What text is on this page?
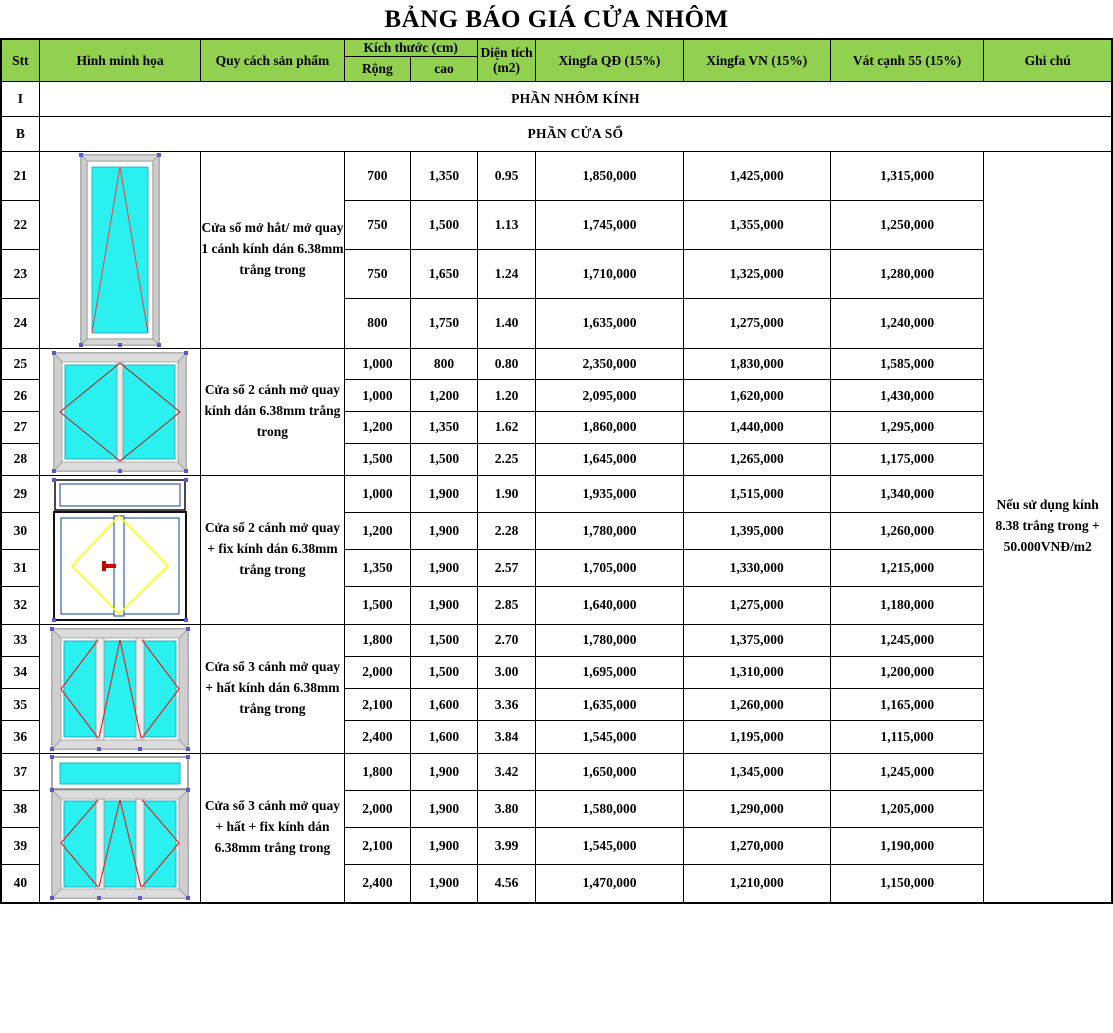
BẢNG BÁO GIÁ CỬA NHÔM
Stt	Hình minh họa	Quy cách sản phẩm	Kích thước (cm)		Diện tích (m2)	Xingfa QĐ (15%)	Xingfa VN (15%)	Vát cạnh 55 (15%)	Ghi chú
			Rộng	cao					
I	PHẦN NHÔM KÍNH								
B	PHẦN CỬA SỔ								
21		Cửa sổ mở hắt/ mở quay 1 cánh kính dán 6.38mm trắng trong	700	1,350	0.95	1,850,000	1,425,000	1,315,000	Nếu sử dụng kính 8.38 trắng trong + 50.000VNĐ/m2
22			750	1,500	1.13	1,745,000	1,355,000	1,250,000	
23			750	1,650	1.24	1,710,000	1,325,000	1,280,000	
24			800	1,750	1.40	1,635,000	1,275,000	1,240,000	
25		Cửa sổ 2 cánh mở quay kính dán 6.38mm trắng trong	1,000	800	0.80	2,350,000	1,830,000	1,585,000	
26			1,000	1,200	1.20	2,095,000	1,620,000	1,430,000	
27			1,200	1,350	1.62	1,860,000	1,440,000	1,295,000	
28			1,500	1,500	2.25	1,645,000	1,265,000	1,175,000	
29		Cửa sổ 2 cánh mở quay + fix kính dán 6.38mm trắng trong	1,000	1,900	1.90	1,935,000	1,515,000	1,340,000	
30			1,200	1,900	2.28	1,780,000	1,395,000	1,260,000	
31			1,350	1,900	2.57	1,705,000	1,330,000	1,215,000	
32			1,500	1,900	2.85	1,640,000	1,275,000	1,180,000	
33		Cửa sổ 3 cánh mở quay + hất kính dán 6.38mm trắng trong	1,800	1,500	2.70	1,780,000	1,375,000	1,245,000	
34			2,000	1,500	3.00	1,695,000	1,310,000	1,200,000	
35			2,100	1,600	3.36	1,635,000	1,260,000	1,165,000	
36			2,400	1,600	3.84	1,545,000	1,195,000	1,115,000	
37		Cửa sổ 3 cánh mở quay + hất + fix kính dán 6.38mm trắng trong	1,800	1,900	3.42	1,650,000	1,345,000	1,245,000	
38			2,000	1,900	3.80	1,580,000	1,290,000	1,205,000	
39			2,100	1,900	3.99	1,545,000	1,270,000	1,190,000	
40			2,400	1,900	4.56	1,470,000	1,210,000	1,150,000	
